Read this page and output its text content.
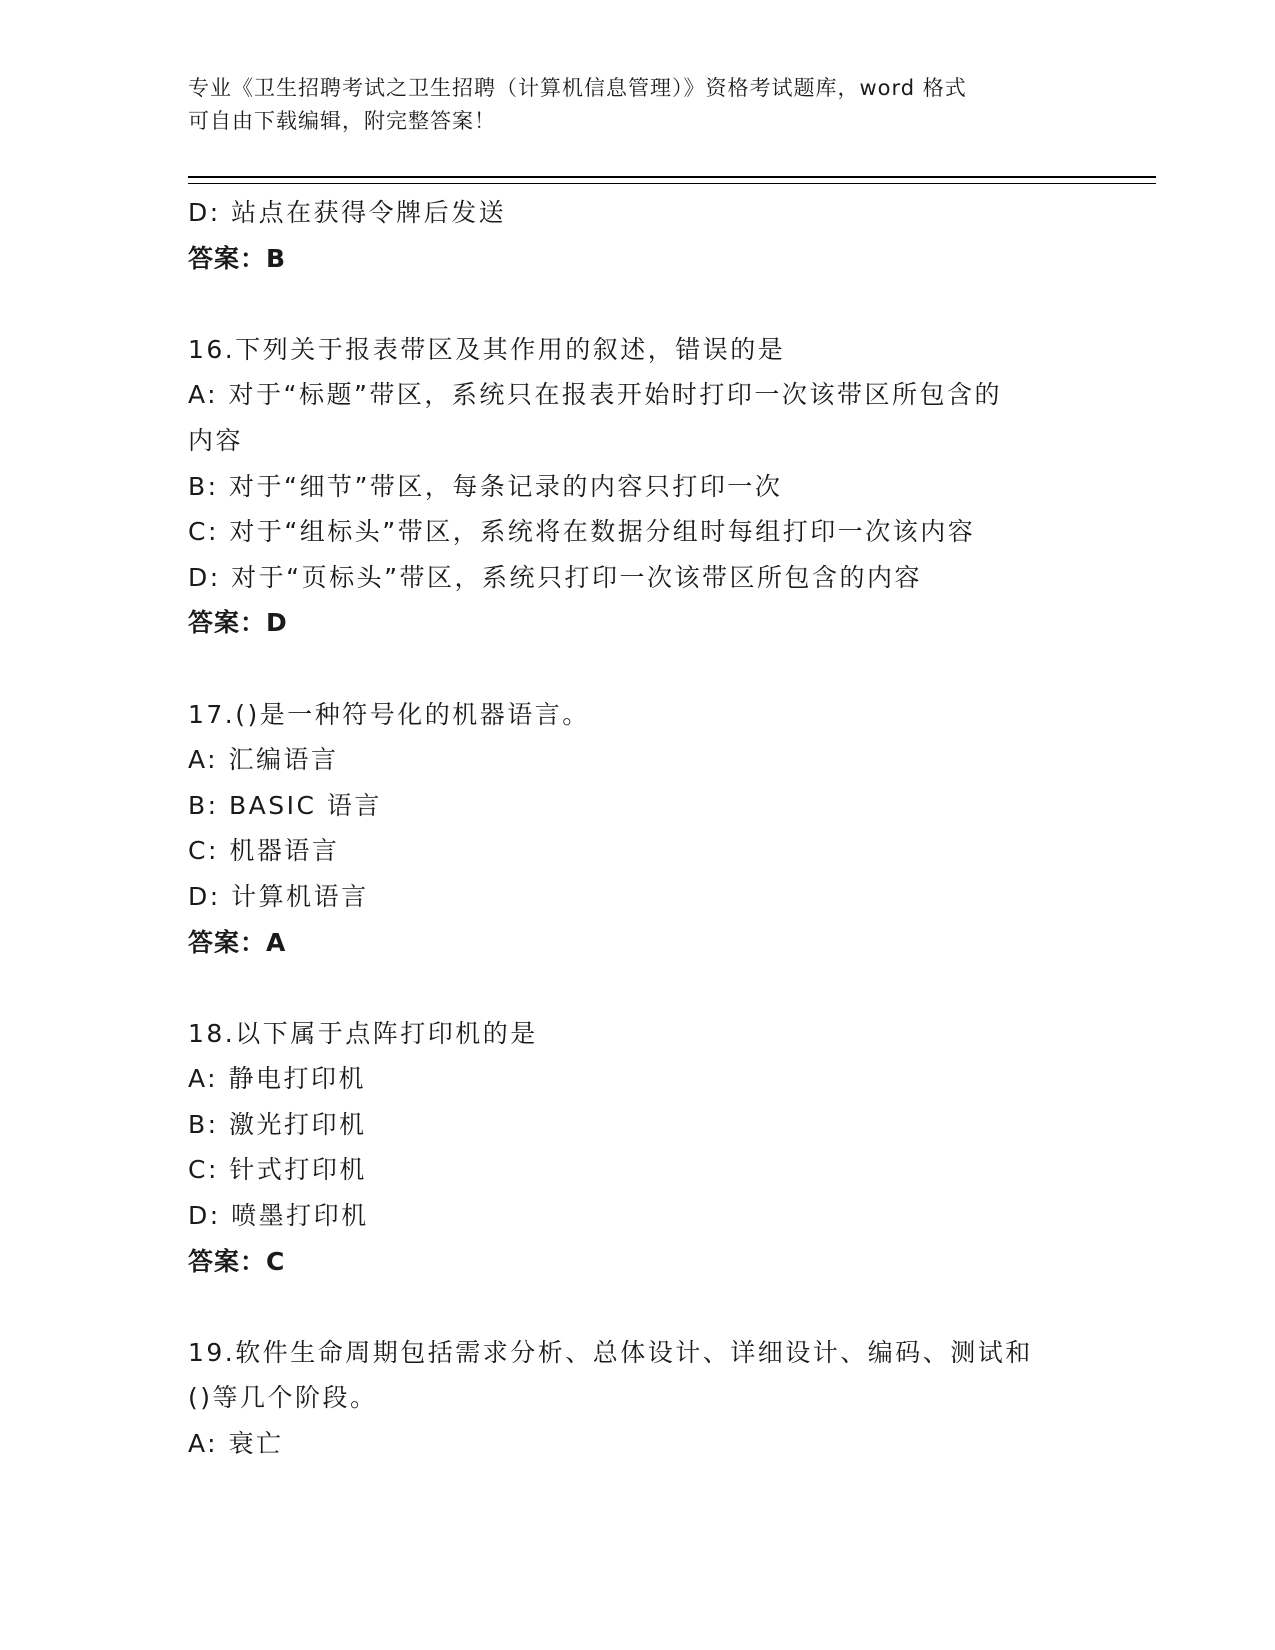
专业《卫生招聘考试之卫生招聘（计算机信息管理）》资格考试题库，word 格式
可自由下载编辑，附完整答案！
D: 站点在获得令牌后发送
答案：B
16.下列关于报表带区及其作用的叙述，错误的是
A: 对于“标题”带区，系统只在报表开始时打印一次该带区所包含的
内容
B: 对于“细节”带区，每条记录的内容只打印一次
C: 对于“组标头”带区，系统将在数据分组时每组打印一次该内容
D: 对于“页标头”带区，系统只打印一次该带区所包含的内容
答案：D
17.()是一种符号化的机器语言。
A: 汇编语言
B: BASIC 语言
C: 机器语言
D: 计算机语言
答案：A
18.以下属于点阵打印机的是
A: 静电打印机
B: 激光打印机
C: 针式打印机
D: 喷墨打印机
答案：C
19.软件生命周期包括需求分析、总体设计、详细设计、编码、测试和
()等几个阶段。
A: 衰亡
